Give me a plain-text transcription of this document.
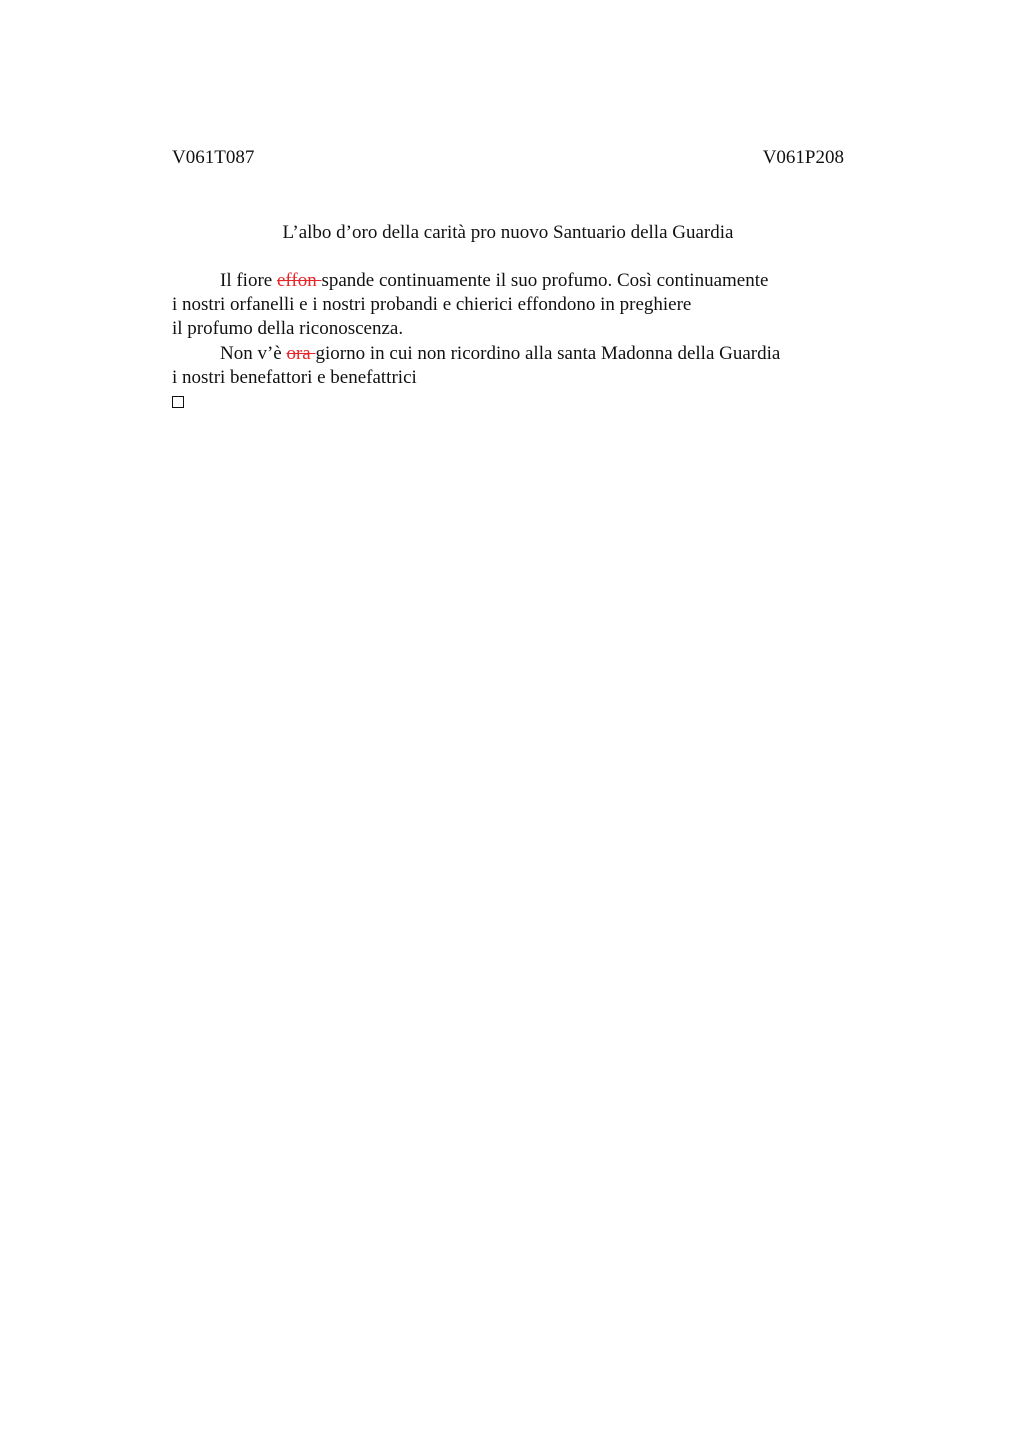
V061T087	V061P208
L’albo d’oro della carità pro nuovo Santuario della Guardia
Il fiore effon spande continuamente il suo profumo. Così continuamente
i nostri orfanelli e i nostri probandi e chierici effondono in preghiere
il profumo della riconoscenza.
Non v’è ora giorno in cui non ricordino alla santa Madonna della Guardia
i nostri benefattori e benefattrici
